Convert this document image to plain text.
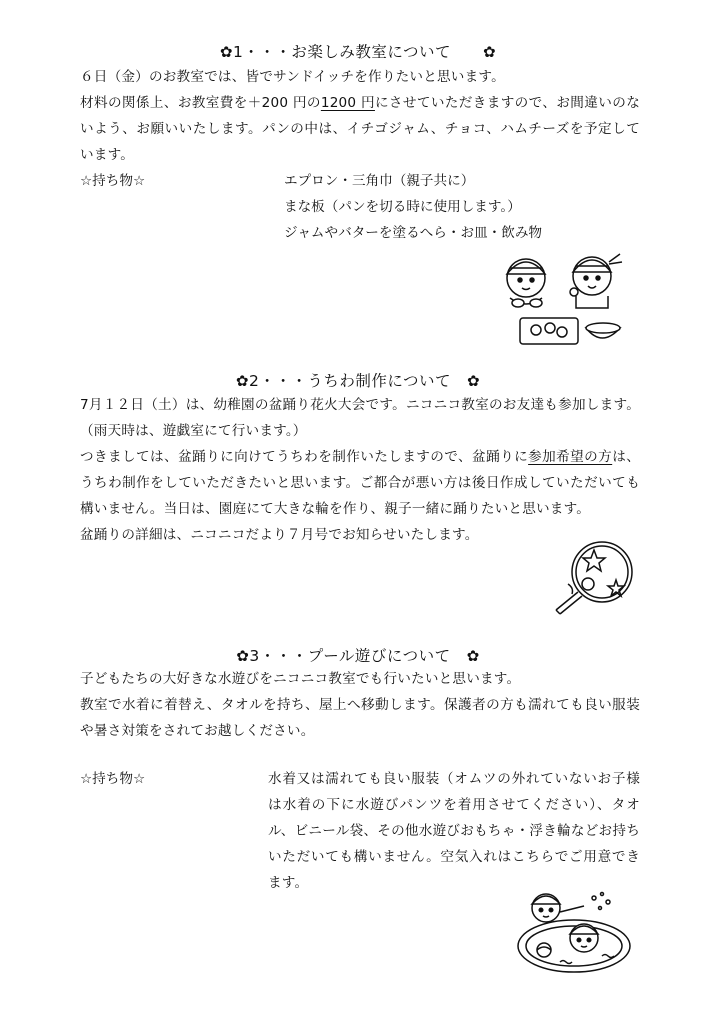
✿1・・・お楽しみ教室について　　 ✿

６日（金）のお教室では、皆でサンドイッチを作りたいと思います。

材料の関係上、お教室費を＋200 円の1200 円にさせていただきますので、お間違いのないよう、お願いいたします。パンの中は、イチゴジャム、チョコ、ハムチーズを予定しています。

☆持ち物☆	エプロン・三角巾（親子共に）
まな板（パンを切る時に使用します。）
ジャムやバターを塗るへら・お皿・飲み物
✿2・・・うちわ制作について　 ✿

7月１２日（土）は、幼稚園の盆踊り花火大会です。ニコニコ教室のお友達も参加します。（雨天時は、遊戯室にて行います。）

つきましては、盆踊りに向けてうちわを制作いたしますので、盆踊りに参加希望の方は、うちわ制作をしていただきたいと思います。ご都合が悪い方は後日作成していただいても構いません。当日は、園庭にて大きな輪を作り、親子一緒に踊りたいと思います。

盆踊りの詳細は、ニコニコだより７月号でお知らせいたします。

✿3・・・プール遊びについて　 ✿

子どもたちの大好きな水遊びをニコニコ教室でも行いたいと思います。

教室で水着に着替え、タオルを持ち、屋上へ移動します。保護者の方も濡れても良い服装や暑さ対策をされてお越しください。

☆持ち物☆	水着又は濡れても良い服装（オムツの外れていないお子様は水着の下に水遊びパンツを着用させてください）、タオル、ビニール袋、その他水遊びおもちゃ・浮き輪などお持ちいただいても構いません。空気入れはこちらでご用意できます。
